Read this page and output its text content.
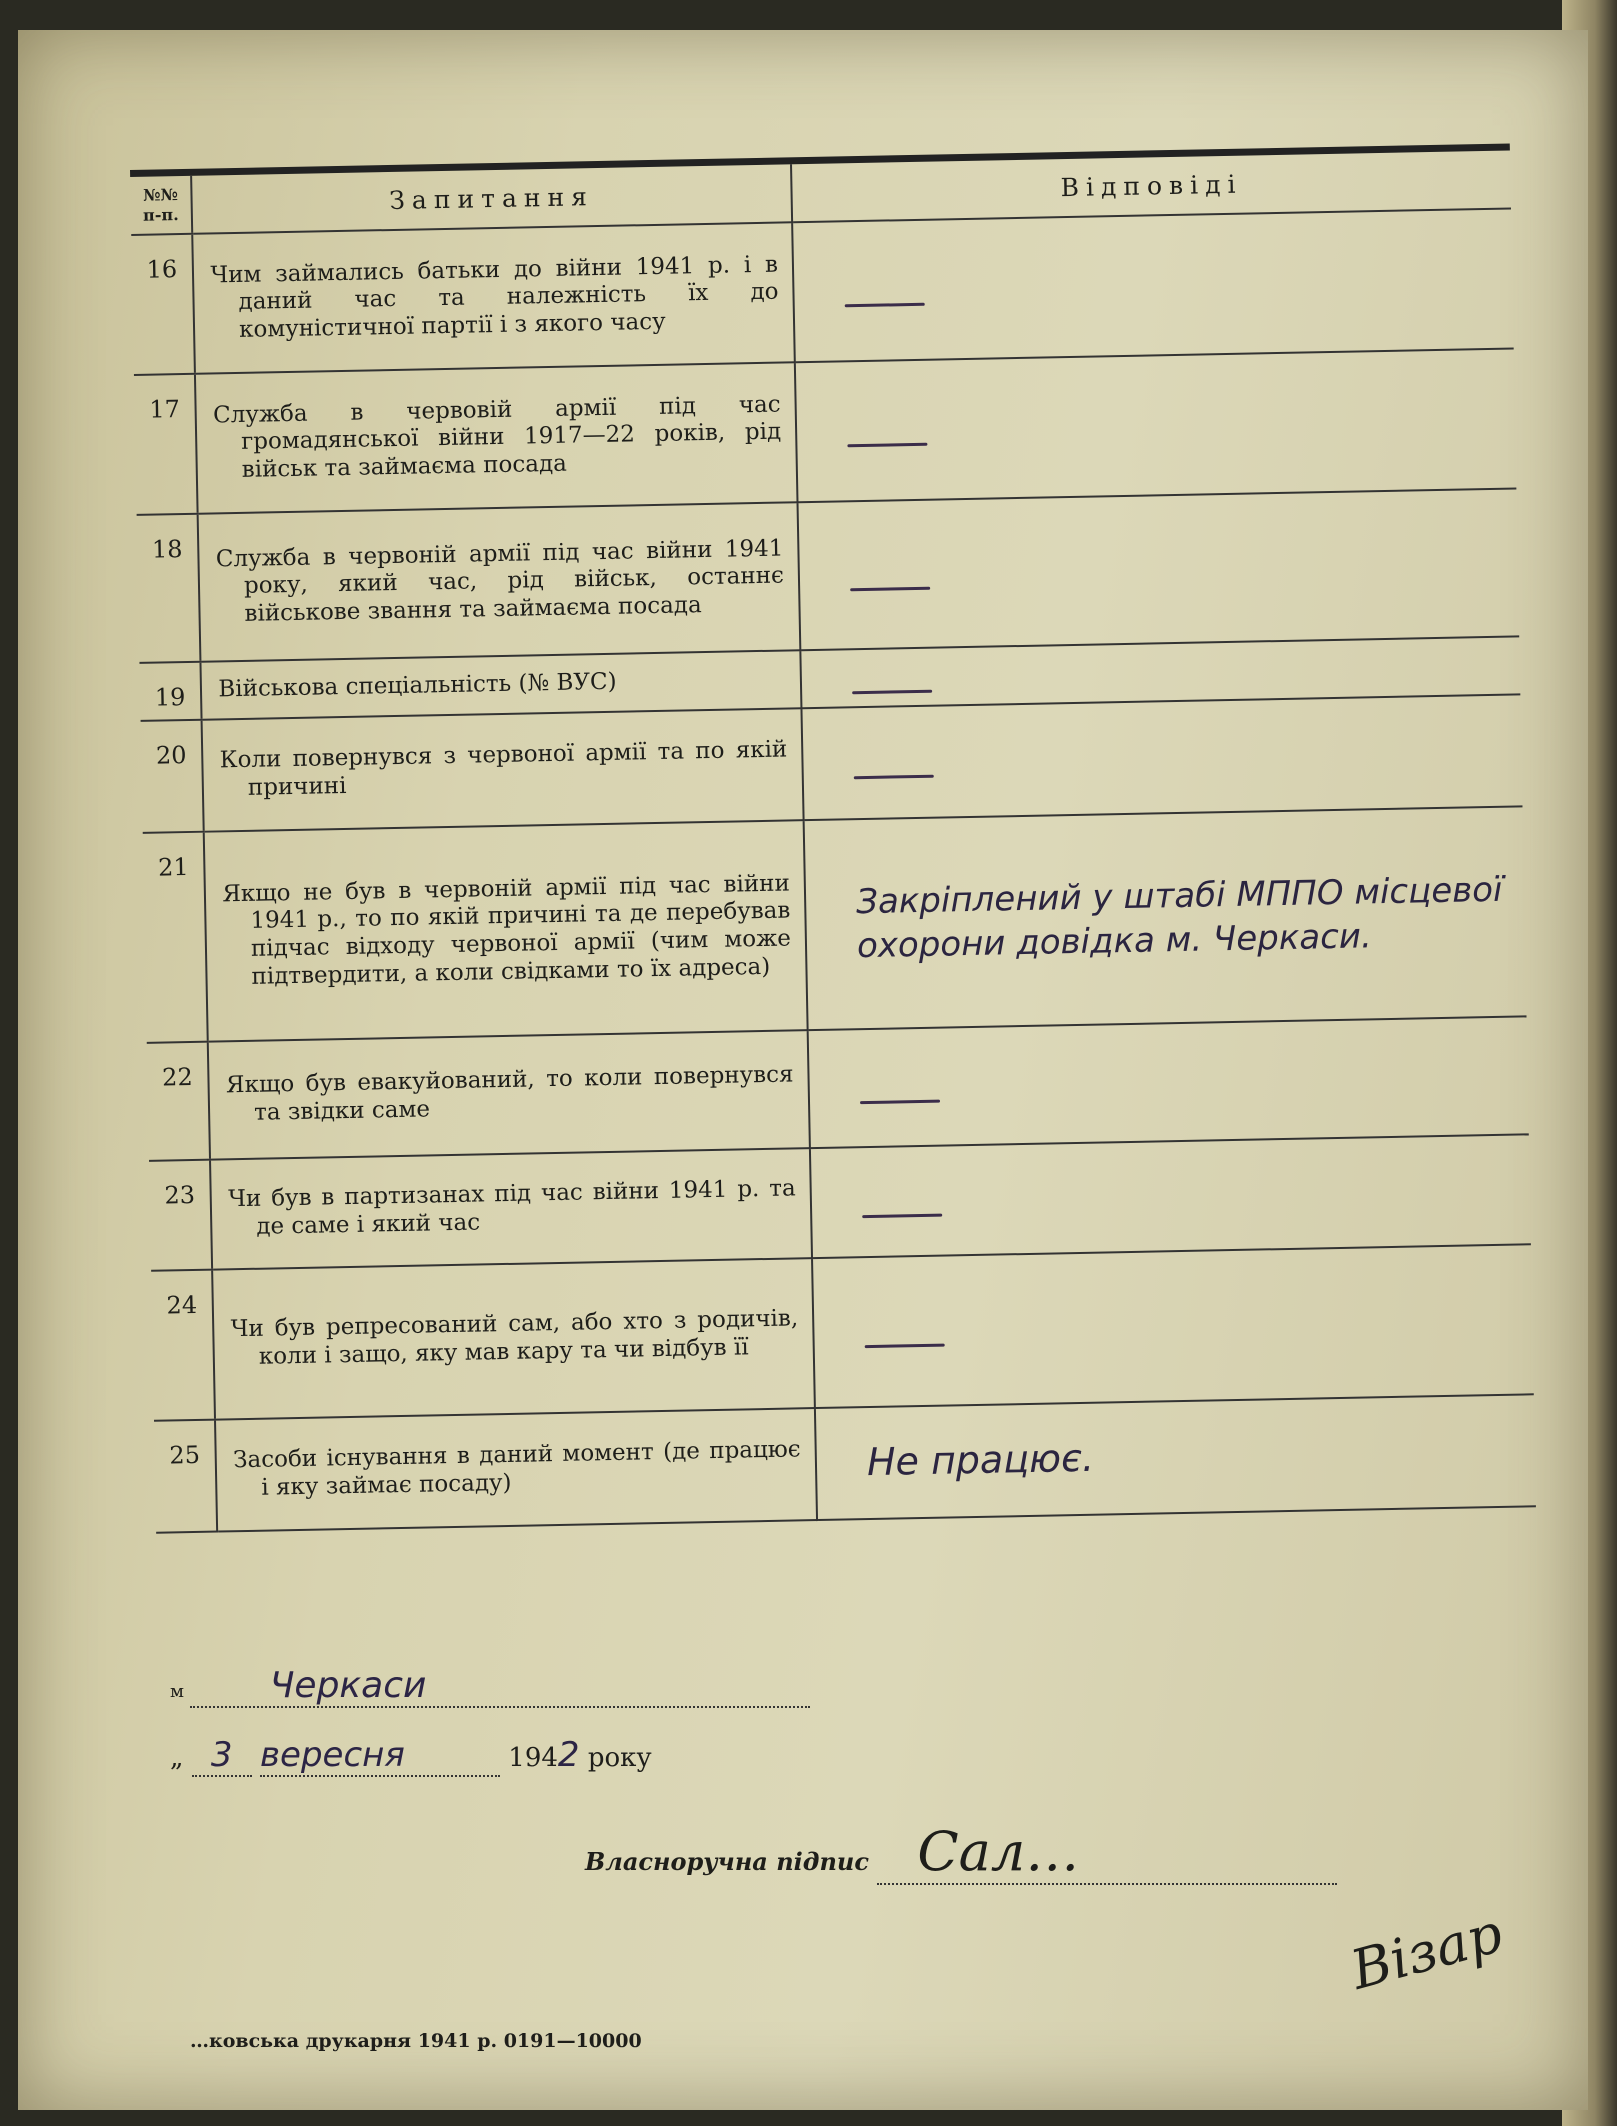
№№ п-п.	Запитання	Відповіді
16	Чим займались батьки до війни 1941 р. і в даний час та належність їх до комуністичної партії і з якого часу	
17	Служба в червовій армії під час громадянської війни 1917—22 років, рід військ та займаєма посада	
18	Служба в червоній армії під час війни 1941 року, який час, рід військ, останнє військове звання та займаєма посада	
19	Військова спеціальність (№ ВУС)	
20	Коли повернувся з червоної армії та по якій причині	
21	Якщо не був в червоній армії під час війни 1941 р., то по якій причині та де перебував підчас відходу червоної армії (чим може підтвердити, а коли свідками то їх адреса)	Закріплений у штабі МППО місцевої охорони довідка м. Черкаси.
22	Якщо був евакуйований, то коли повернувся та звідки саме	
23	Чи був в партизанах під час війни 1941 р. та де саме і який час	
24	Чи був репресований сам, або хто з родичів, коли і защо, яку мав кару та чи відбув її	
25	Засоби існування в даний момент (де працює і яку займає посаду)	Не працює.
м Черкаси
„ 3 вересня	1942 року
Власноручна підпис Сал…
Візар
…ковська друкарня 1941 р. 0191—10000
